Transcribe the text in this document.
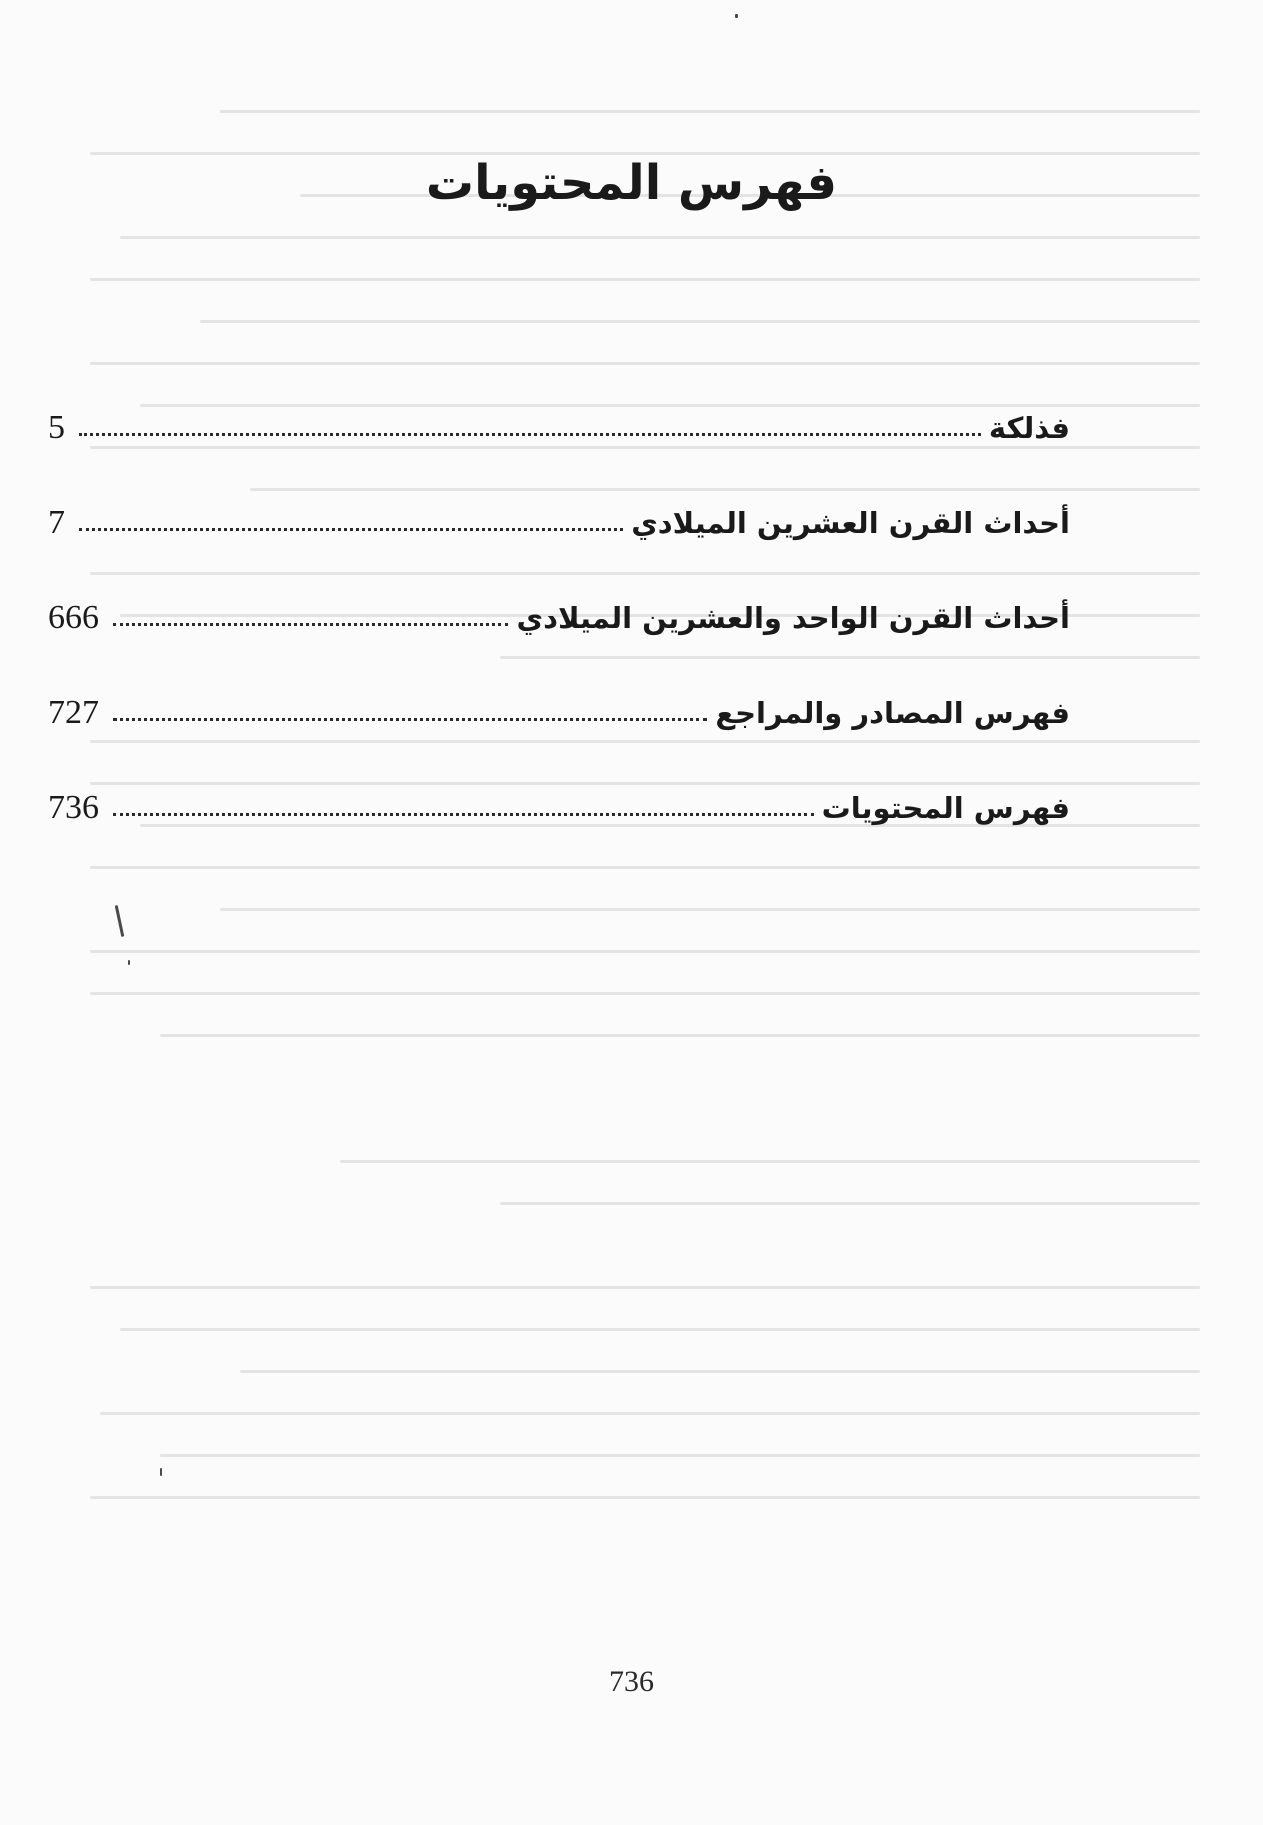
فهرس المحتويات
5	فذلكة
7	أحداث القرن العشرين الميلادي
666	أحداث القرن الواحد والعشرين الميلادي
727	فهرس المصادر والمراجع
736	فهرس المحتويات
736
